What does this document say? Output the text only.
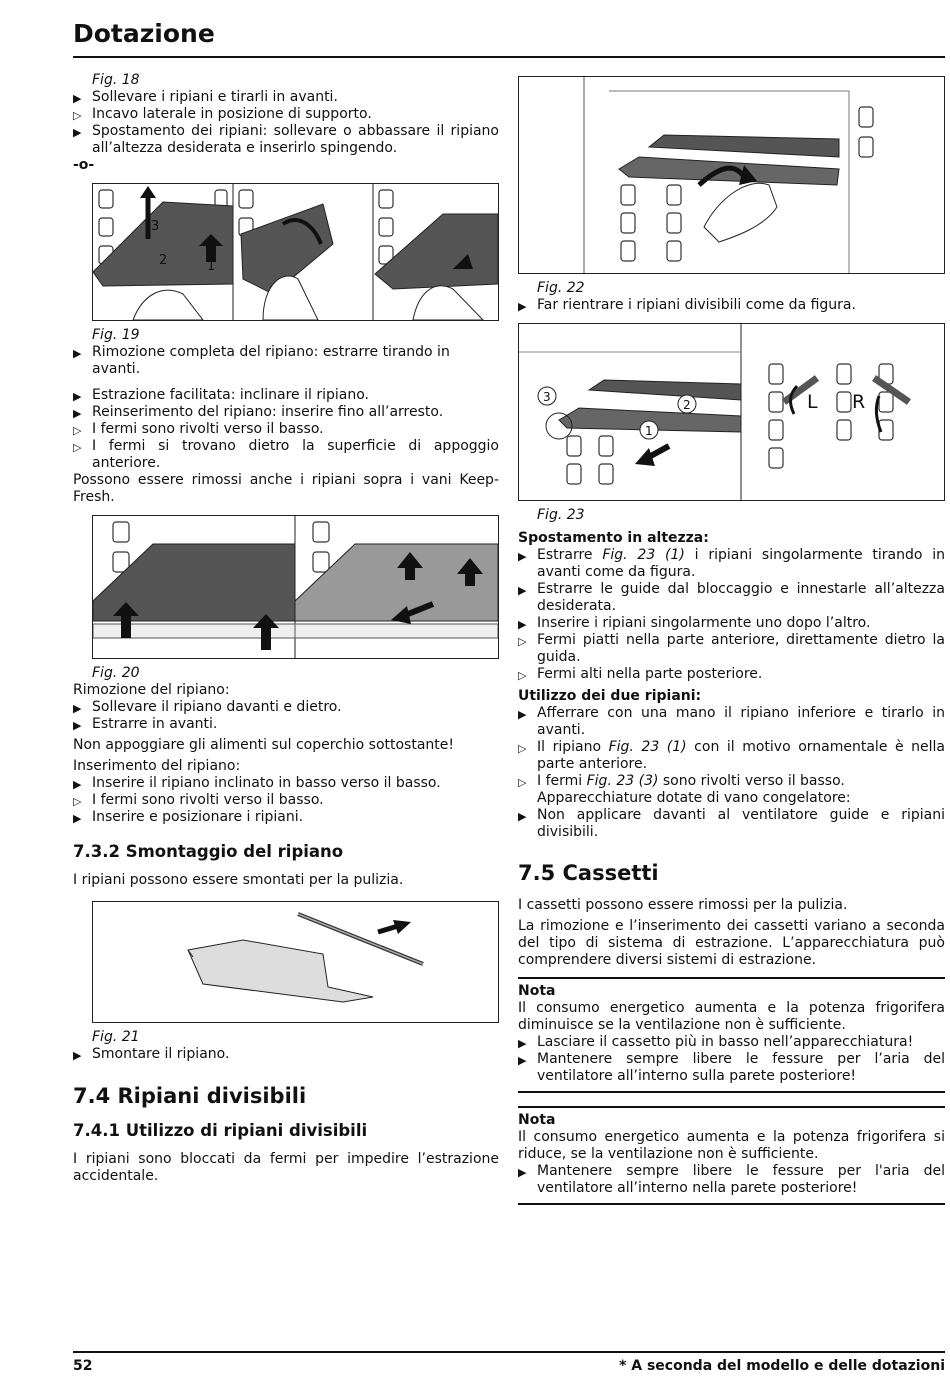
Dotazione

Fig. 18

▶ Sollevare i ripiani e tirarli in avanti.

▷ Incavo laterale in posizione di supporto.

▶ Spostamento dei ripiani: sollevare o abbassare il ripiano all’altezza desiderata e inserirlo spingendo.

-o-

3
2	1

Fig. 19

▶ Rimozione completa del ripiano: estrarre tirando in avanti.

▶ Estrazione facilitata: inclinare il ripiano.

▶ Reinserimento del ripiano: inserire fino all’arresto.

▷ I fermi sono rivolti verso il basso.

▷ I fermi si trovano dietro la superficie di appoggio anteriore.

Possono essere rimossi anche i ripiani sopra i vani Keep-Fresh.

Fig. 20

Rimozione del ripiano:

▶ Sollevare il ripiano davanti e dietro.

▶ Estrarre in avanti.

Non appoggiare gli alimenti sul coperchio sottostante!

Inserimento del ripiano:

▶ Inserire il ripiano inclinato in basso verso il basso.

▷ I fermi sono rivolti verso il basso.

▶ Inserire e posizionare i ripiani.

7.3.2 Smontaggio del ripiano

I ripiani possono essere smontati per la pulizia.

Fig. 21

▶ Smontare il ripiano.

7.4 Ripiani divisibili

7.4.1 Utilizzo di ripiani divisibili

I ripiani sono bloccati da fermi per impedire l’estrazione accidentale.

Fig. 22

▶ Far rientrare i ripiani divisibili come da figura.

3
2
1
L R

Fig. 23

Spostamento in altezza:

▶ Estrarre Fig. 23 (1) i ripiani singolarmente tirando in avanti come da figura.

▶ Estrarre le guide dal bloccaggio e innestarle all’altezza desiderata.

▶ Inserire i ripiani singolarmente uno dopo l’altro.

▷ Fermi piatti nella parte anteriore, direttamente dietro la guida.

▷ Fermi alti nella parte posteriore.

Utilizzo dei due ripiani:

▶ Afferrare con una mano il ripiano inferiore e tirarlo in avanti.

▷ Il ripiano Fig. 23 (1) con il motivo ornamentale è nella parte anteriore.

▷ I fermi Fig. 23 (3) sono rivolti verso il basso.

Apparecchiature dotate di vano congelatore:

▶ Non applicare davanti al ventilatore guide e ripiani divisibili.

7.5 Cassetti

I cassetti possono essere rimossi per la pulizia.

La rimozione e l’inserimento dei cassetti variano a seconda del tipo di sistema di estrazione. L’apparecchiatura può comprendere diversi sistemi di estrazione.

Nota

Il consumo energetico aumenta e la potenza frigorifera diminuisce se la ventilazione non è sufficiente.

▶ Lasciare il cassetto più in basso nell’apparecchiatura!

▶ Mantenere sempre libere le fessure per l’aria del ventilatore all’interno sulla parete posteriore!

Nota

Il consumo energetico aumenta e la potenza frigorifera si riduce, se la ventilazione non è sufficiente.

▶ Mantenere sempre libere le fessure per l'aria del ventilatore all’interno nella parete posteriore!

52	* A seconda del modello e delle dotazioni
